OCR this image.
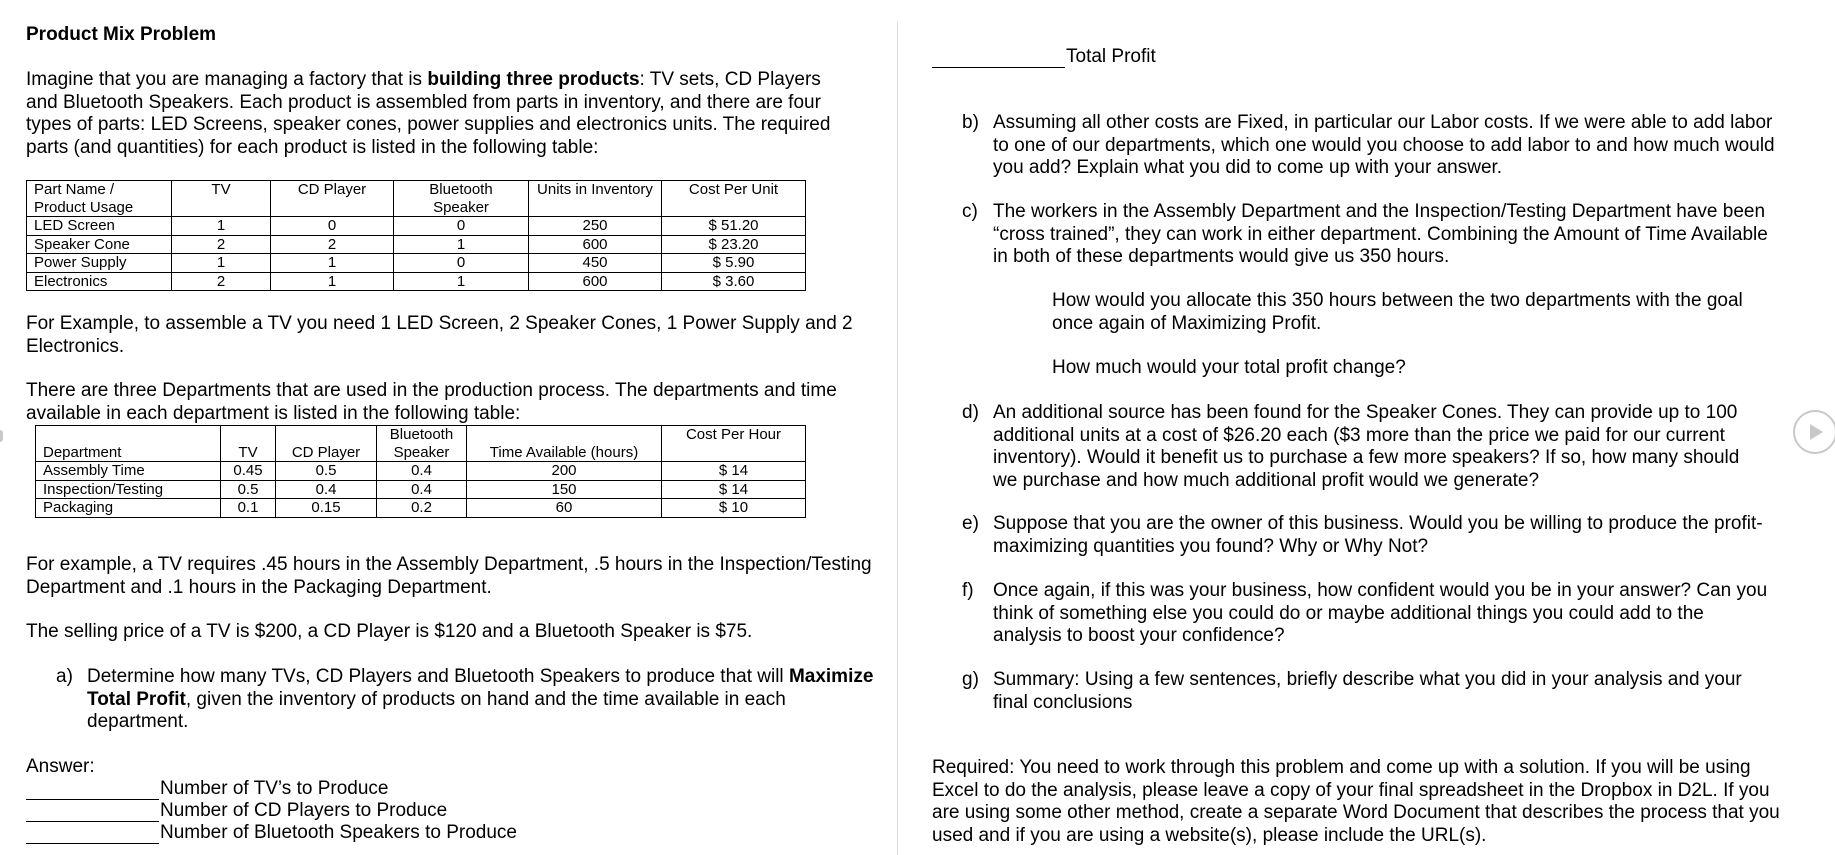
Product Mix Problem
Imagine that you are managing a factory that is building three products: TV sets, CD Players and Bluetooth Speakers. Each product is assembled from parts in inventory, and there are four types of parts: LED Screens, speaker cones, power supplies and electronics units. The required parts (and quantities) for each product is listed in the following table:
Part Name / Product Usage	TV	CD Player	Bluetooth Speaker	Units in Inventory	Cost Per Unit
LED Screen	1	0	0	250	$ 51.20
Speaker Cone	2	2	1	600	$ 23.20
Power Supply	1	1	0	450	$ 5.90
Electronics	2	1	1	600	$ 3.60
For Example, to assemble a TV you need 1 LED Screen, 2 Speaker Cones, 1 Power Supply and 2 Electronics.
There are three Departments that are used in the production process. The departments and time available in each department is listed in the following table:
Department	TV	CD Player	Bluetooth Speaker	Time Available (hours)	Cost Per Hour
Assembly Time	0.45	0.5	0.4	200	$ 14
Inspection/Testing	0.5	0.4	0.4	150	$ 14
Packaging	0.1	0.15	0.2	60	$ 10
For example, a TV requires .45 hours in the Assembly Department, .5 hours in the Inspection/Testing Department and .1 hours in the Packaging Department.
The selling price of a TV is $200, a CD Player is $120 and a Bluetooth Speaker is $75.
a) Determine how many TVs, CD Players and Bluetooth Speakers to produce that will Maximize Total Profit, given the inventory of products on hand and the time available in each department.
Answer:
Number of TV’s to Produce
Number of CD Players to Produce
Number of Bluetooth Speakers to Produce
Total Profit
b) Assuming all other costs are Fixed, in particular our Labor costs. If we were able to add labor to one of our departments, which one would you choose to add labor to and how much would you add? Explain what you did to come up with your answer.
c) The workers in the Assembly Department and the Inspection/Testing Department have been “cross trained”, they can work in either department. Combining the Amount of Time Available in both of these departments would give us 350 hours.
d) An additional source has been found for the Speaker Cones. They can provide up to 100 additional units at a cost of $26.20 each ($3 more than the price we paid for our current inventory). Would it benefit us to purchase a few more speakers? If so, how many should we purchase and how much additional profit would we generate?
e) Suppose that you are the owner of this business. Would you be willing to produce the profit-maximizing quantities you found? Why or Why Not?
f) Once again, if this was your business, how confident would you be in your answer? Can you think of something else you could do or maybe additional things you could add to the analysis to boost your confidence?
g) Summary: Using a few sentences, briefly describe what you did in your analysis and your final conclusions
How would you allocate this 350 hours between the two departments with the goal once again of Maximizing Profit.
How much would your total profit change?
Required: You need to work through this problem and come up with a solution. If you will be using Excel to do the analysis, please leave a copy of your final spreadsheet in the Dropbox in D2L. If you are using some other method, create a separate Word Document that describes the process that you used and if you are using a website(s), please include the URL(s).
